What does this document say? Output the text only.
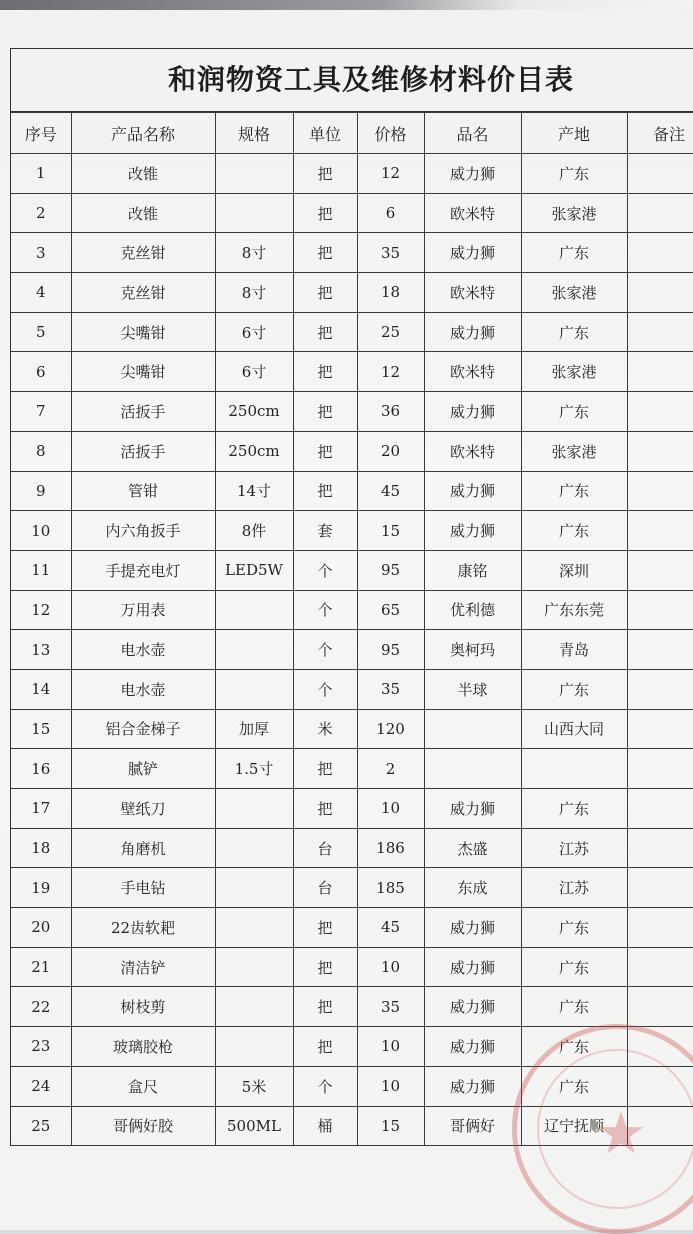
和润物资工具及维修材料价目表
序号	产品名称	规格	单位	价格	品名	产地	备注
1	改锥		把	12	威力狮	广东	
2	改锥		把	6	欧米特	张家港	
3	克丝钳	8寸	把	35	威力狮	广东	
4	克丝钳	8寸	把	18	欧米特	张家港	
5	尖嘴钳	6寸	把	25	威力狮	广东	
6	尖嘴钳	6寸	把	12	欧米特	张家港	
7	活扳手	250cm	把	36	威力狮	广东	
8	活扳手	250cm	把	20	欧米特	张家港	
9	管钳	14寸	把	45	威力狮	广东	
10	内六角扳手	8件	套	15	威力狮	广东	
11	手提充电灯	LED5W	个	95	康铭	深圳	
12	万用表		个	65	优利德	广东东莞	
13	电水壶		个	95	奥柯玛	青岛	
14	电水壶		个	35	半球	广东	
15	铝合金梯子	加厚	米	120		山西大同	
16	腻铲	1.5寸	把	2			
17	壁纸刀		把	10	威力狮	广东	
18	角磨机		台	186	杰盛	江苏	
19	手电钻		台	185	东成	江苏	
20	22齿软耙		把	45	威力狮	广东	
21	清洁铲		把	10	威力狮	广东	
22	树枝剪		把	35	威力狮	广东	
23	玻璃胶枪		把	10	威力狮	广东	
24	盒尺	5米	个	10	威力狮	广东	
25	哥俩好胶	500ML	桶	15	哥俩好	辽宁抚顺	
★
